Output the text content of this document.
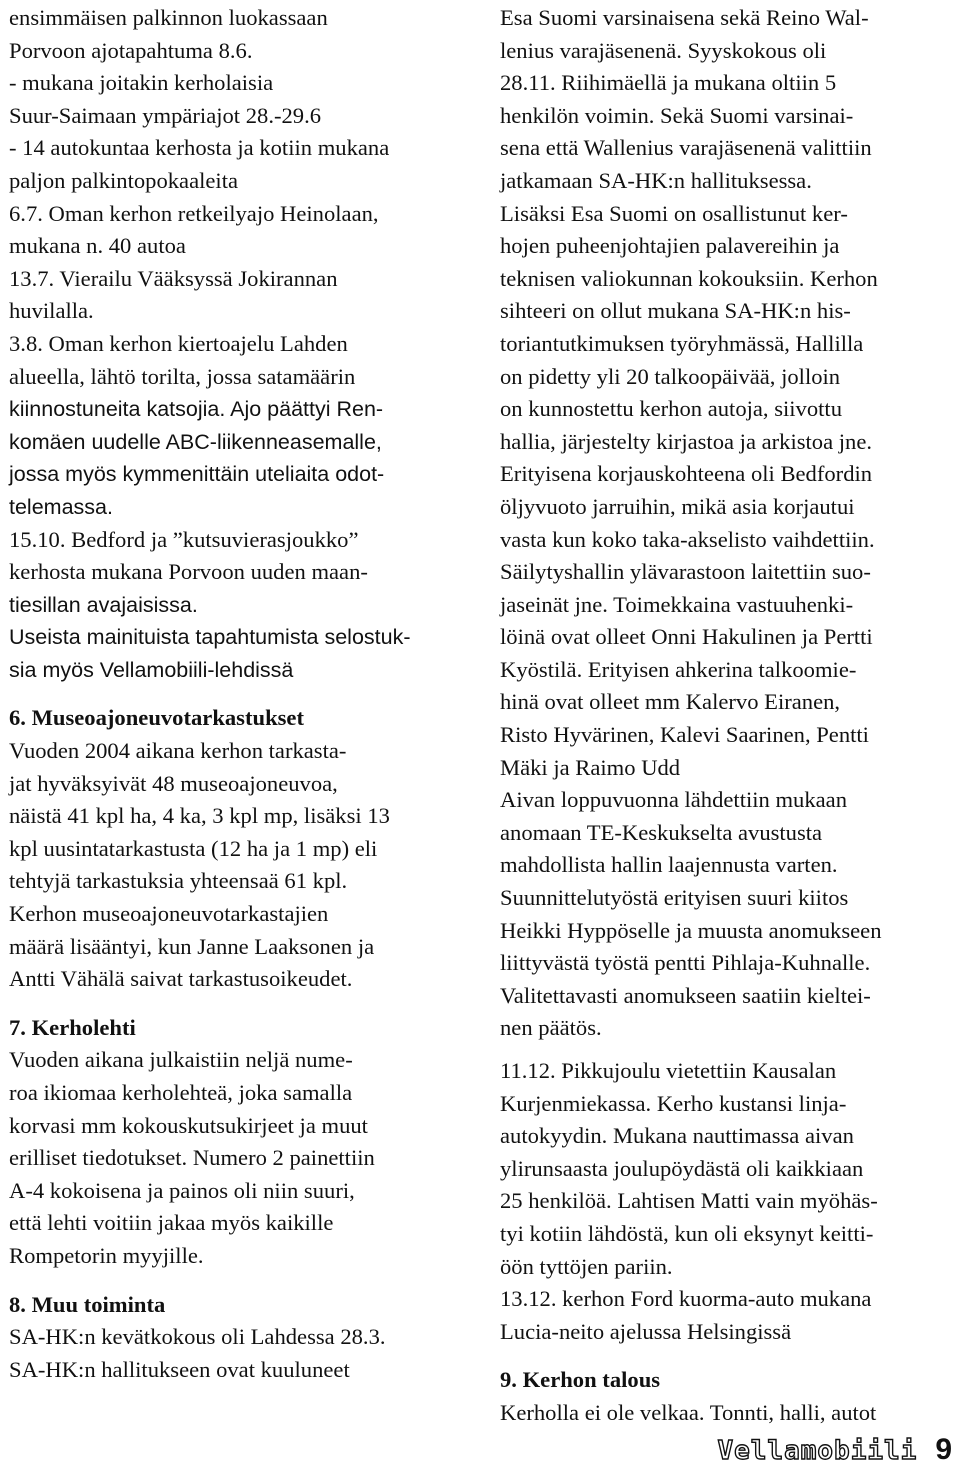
ensimmäisen palkinnon luokassaan
Porvoon ajotapahtuma 8.6.
- mukana joitakin kerholaisia
Suur-Saimaan ympäriajot 28.-29.6
- 14 autokuntaa kerhosta ja kotiin mukana
paljon palkintopokaaleita
6.7. Oman kerhon retkeilyajo Heinolaan,
mukana n. 40 autoa
13.7. Vierailu Vääksyssä Jokirannan
huvilalla.
3.8. Oman kerhon kiertoajelu Lahden
alueella, lähtö torilta, jossa satamäärin
kiinnostuneita katsojia. Ajo päättyi Ren-
komäen uudelle ABC-liikenneasemalle,
jossa myös kymmenittäin uteliaita odot-
telemassa.
15.10. Bedford ja ”kutsuvierasjoukko”
kerhosta mukana Porvoon uuden maan-
tiesillan avajaisissa.
Useista mainituista tapahtumista selostuk-
sia myös Vellamobiili-lehdissä
6. Museoajoneuvotarkastukset
Vuoden 2004 aikana kerhon tarkasta-
jat hyväksyivät 48 museoajoneuvoa,
näistä 41 kpl ha, 4 ka, 3 kpl mp, lisäksi 13
kpl uusintatarkastusta (12 ha ja 1 mp) eli
tehtyjä tarkastuksia yhteensaä 61 kpl.
Kerhon museoajoneuvotarkastajien
määrä lisääntyi, kun Janne Laaksonen ja
Antti Vähälä saivat tarkastusoikeudet.
7. Kerholehti
Vuoden aikana julkaistiin neljä nume-
roa ikiomaa kerholehteä, joka samalla
korvasi mm kokouskutsukirjeet ja muut
erilliset tiedotukset. Numero 2 painettiin
A-4 kokoisena ja painos oli niin suuri,
että lehti voitiin jakaa myös kaikille
Rompetorin myyjille.
8. Muu toiminta
SA-HK:n kevätkokous oli Lahdessa 28.3.
SA-HK:n hallitukseen ovat kuuluneet
Esa Suomi varsinaisena sekä Reino Wal-
lenius varajäsenenä. Syyskokous oli
28.11. Riihimäellä ja mukana oltiin 5
henkilön voimin. Sekä Suomi varsinai-
sena että Wallenius varajäsenenä valittiin
jatkamaan SA-HK:n hallituksessa.
Lisäksi Esa Suomi on osallistunut ker-
hojen puheenjohtajien palavereihin ja
teknisen valiokunnan kokouksiin. Kerhon
sihteeri on ollut mukana SA-HK:n his-
toriantutkimuksen työryhmässä, Hallilla
on pidetty yli 20 talkoopäivää, jolloin
on kunnostettu kerhon autoja, siivottu
hallia, järjestelty kirjastoa ja arkistoa jne.
Erityisena korjauskohteena oli Bedfordin
öljyvuoto jarruihin, mikä asia korjautui
vasta kun koko taka-akselisto vaihdettiin.
Säilytyshallin ylävarastoon laitettiin suo-
jaseinät jne. Toimekkaina vastuuhenki-
löinä ovat olleet Onni Hakulinen ja Pertti
Kyöstilä. Erityisen ahkerina talkoomie-
hinä ovat olleet mm Kalervo Eiranen,
Risto Hyvärinen, Kalevi Saarinen, Pentti
Mäki ja Raimo Udd
Aivan loppuvuonna lähdettiin mukaan
anomaan TE-Keskukselta avustusta
mahdollista hallin laajennusta varten.
Suunnittelutyöstä erityisen suuri kiitos
Heikki Hyppöselle ja muusta anomukseen
liittyvästä työstä pentti Pihlaja-Kuhnalle.
Valitettavasti anomukseen saatiin kieltei-
nen päätös.
11.12. Pikkujoulu vietettiin Kausalan
Kurjenmiekassa. Kerho kustansi linja-
autokyydin. Mukana nauttimassa aivan
ylirunsaasta joulupöydästä oli kaikkiaan
25 henkilöä. Lahtisen Matti vain myöhäs-
tyi kotiin lähdöstä, kun oli eksynyt keitti-
öön tyttöjen pariin.
13.12. kerhon Ford kuorma-auto mukana
Lucia-neito ajelussa Helsingissä
9. Kerhon talous
Kerholla ei ole velkaa. Tonnti, halli, autot
Vellamobiili 9
